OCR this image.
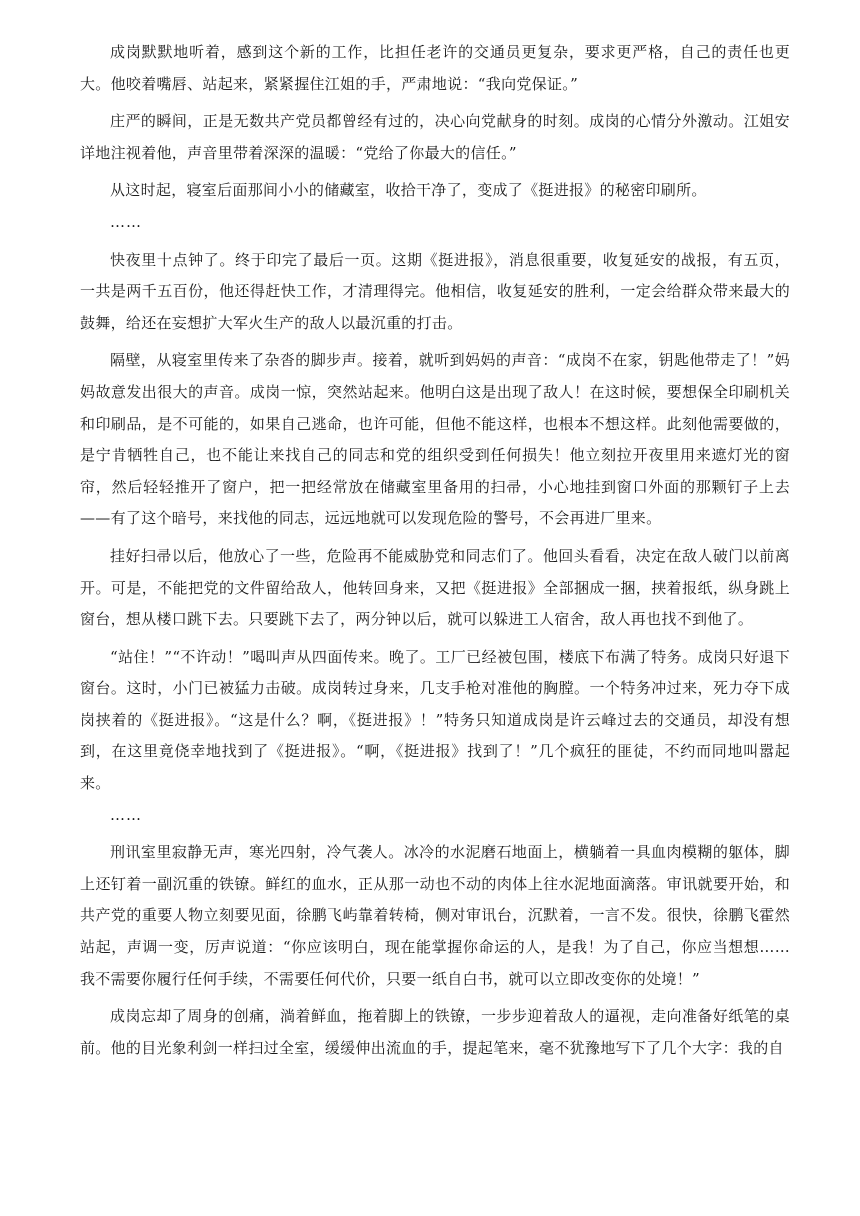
成岗默默地听着，感到这个新的工作，比担任老许的交通员更复杂，要求更严格，自己的责任也更大。他咬着嘴唇、站起来，紧紧握住江姐的手，严肃地说：“我向党保证。”

庄严的瞬间，正是无数共产党员都曾经有过的，决心向党献身的时刻。成岗的心情分外激动。江姐安详地注视着他，声音里带着深深的温暖：“党给了你最大的信任。”

从这时起，寝室后面那间小小的储藏室，收拾干净了，变成了《挺进报》的秘密印刷所。

……

快夜里十点钟了。终于印完了最后一页。这期《挺进报》，消息很重要，收复延安的战报，有五页，一共是两千五百份，他还得赶快工作，才清理得完。他相信，收复延安的胜利，一定会给群众带来最大的鼓舞，给还在妄想扩大军火生产的敌人以最沉重的打击。

隔壁，从寝室里传来了杂沓的脚步声。接着，就听到妈妈的声音：“成岗不在家，钥匙他带走了！”妈妈故意发出很大的声音。成岗一惊，突然站起来。他明白这是出现了敌人！在这时候，要想保全印刷机关和印刷品，是不可能的，如果自己逃命，也许可能，但他不能这样，也根本不想这样。此刻他需要做的，是宁肯牺牲自己，也不能让来找自己的同志和党的组织受到任何损失！他立刻拉开夜里用来遮灯光的窗帘，然后轻轻推开了窗户，把一把经常放在储藏室里备用的扫帚，小心地挂到窗口外面的那颗钉子上去——有了这个暗号，来找他的同志，远远地就可以发现危险的警号，不会再进厂里来。

挂好扫帚以后，他放心了一些，危险再不能威胁党和同志们了。他回头看看，决定在敌人破门以前离开。可是，不能把党的文件留给敌人，他转回身来，又把《挺进报》全部捆成一捆，挟着报纸，纵身跳上窗台，想从楼口跳下去。只要跳下去了，两分钟以后，就可以躲进工人宿舍，敌人再也找不到他了。

“站住！”“不许动！”喝叫声从四面传来。晚了。工厂已经被包围，楼底下布满了特务。成岗只好退下窗台。这时，小门已被猛力击破。成岗转过身来，几支手枪对准他的胸膛。一个特务冲过来，死力夺下成岗挟着的《挺进报》。“这是什么？啊，《挺进报》！”特务只知道成岗是许云峰过去的交通员，却没有想到，在这里竟侥幸地找到了《挺进报》。“啊，《挺进报》找到了！”几个疯狂的匪徒，不约而同地叫嚣起来。

……

刑讯室里寂静无声，寒光四射，冷气袭人。冰冷的水泥磨石地面上，横躺着一具血肉模糊的躯体，脚上还钉着一副沉重的铁镣。鲜红的血水，正从那一动也不动的肉体上往水泥地面滴落。审讯就要开始，和共产党的重要人物立刻要见面，徐鹏飞屿靠着转椅，侧对审讯台，沉默着，一言不发。很快，徐鹏飞霍然站起，声调一变，厉声说道：“你应该明白，现在能掌握你命运的人，是我！为了自己，你应当想想……我不需要你履行任何手续，不需要任何代价，只要一纸自白书，就可以立即改变你的处境！”

成岗忘却了周身的创痛，淌着鲜血，拖着脚上的铁镣，一步步迎着敌人的逼视，走向准备好纸笔的桌前。他的目光象利剑一样扫过全室，缓缓伸出流血的手，提起笔来，毫不犹豫地写下了几个大字：我的自
